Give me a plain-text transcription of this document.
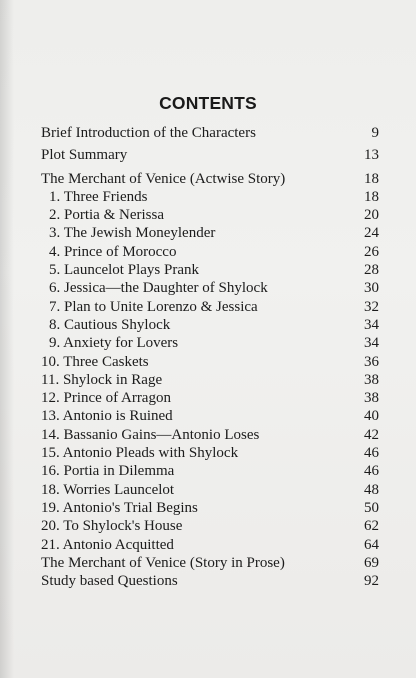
CONTENTS
Brief Introduction of the Characters	9
Plot Summary	13
The Merchant of Venice (Actwise Story)	18
1. Three Friends	18
2. Portia & Nerissa	20
3. The Jewish Moneylender	24
4. Prince of Morocco	26
5. Launcelot Plays Prank	28
6. Jessica—the Daughter of Shylock	30
7. Plan to Unite Lorenzo & Jessica	32
8. Cautious Shylock	34
9. Anxiety for Lovers	34
10. Three Caskets	36
11. Shylock in Rage	38
12. Prince of Arragon	38
13. Antonio is Ruined	40
14. Bassanio Gains—Antonio Loses	42
15. Antonio Pleads with Shylock	46
16. Portia in Dilemma	46
18. Worries Launcelot	48
19. Antonio's Trial Begins	50
20. To Shylock's House	62
21. Antonio Acquitted	64
The Merchant of Venice (Story in Prose)	69
Study based Questions	92
